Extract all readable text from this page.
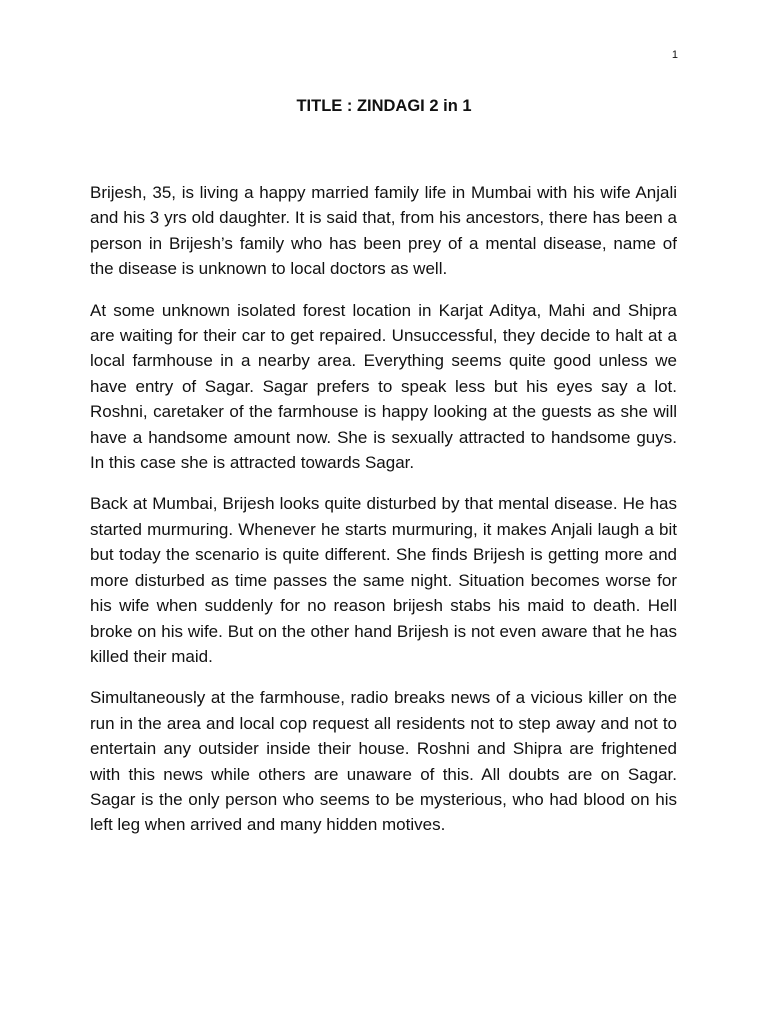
1
TITLE : ZINDAGI 2 in 1

Brijesh, 35, is living a happy married family life in Mumbai with his wife Anjali and his 3 yrs old daughter. It is said that, from his ancestors, there has been a person in Brijesh’s family who has been prey of a mental disease, name of the disease is unknown to local doctors as well.

At some unknown isolated forest location in Karjat Aditya, Mahi and Shipra are waiting for their car to get repaired. Unsuccessful, they decide to halt at a local farmhouse in a nearby area. Everything seems quite good unless we have entry of Sagar. Sagar prefers to speak less but his eyes say a lot. Roshni, caretaker of the farmhouse is happy looking at the guests as she will have a handsome amount now. She is sexually attracted to handsome guys. In this case she is attracted towards Sagar.

Back at Mumbai, Brijesh looks quite disturbed by that mental disease. He has started murmuring. Whenever he starts murmuring, it makes Anjali laugh a bit but today the scenario is quite different. She finds Brijesh is getting more and more disturbed as time passes the same night. Situation becomes worse for his wife when suddenly for no reason brijesh stabs his maid to death. Hell broke on his wife. But on the other hand Brijesh is not even aware that he has killed their maid.

Simultaneously at the farmhouse, radio breaks news of a vicious killer on the run in the area and local cop request all residents not to step away and not to entertain any outsider inside their house. Roshni and Shipra are frightened with this news while others are unaware of this. All doubts are on Sagar. Sagar is the only person who seems to be mysterious, who had blood on his left leg when arrived and many hidden motives.
